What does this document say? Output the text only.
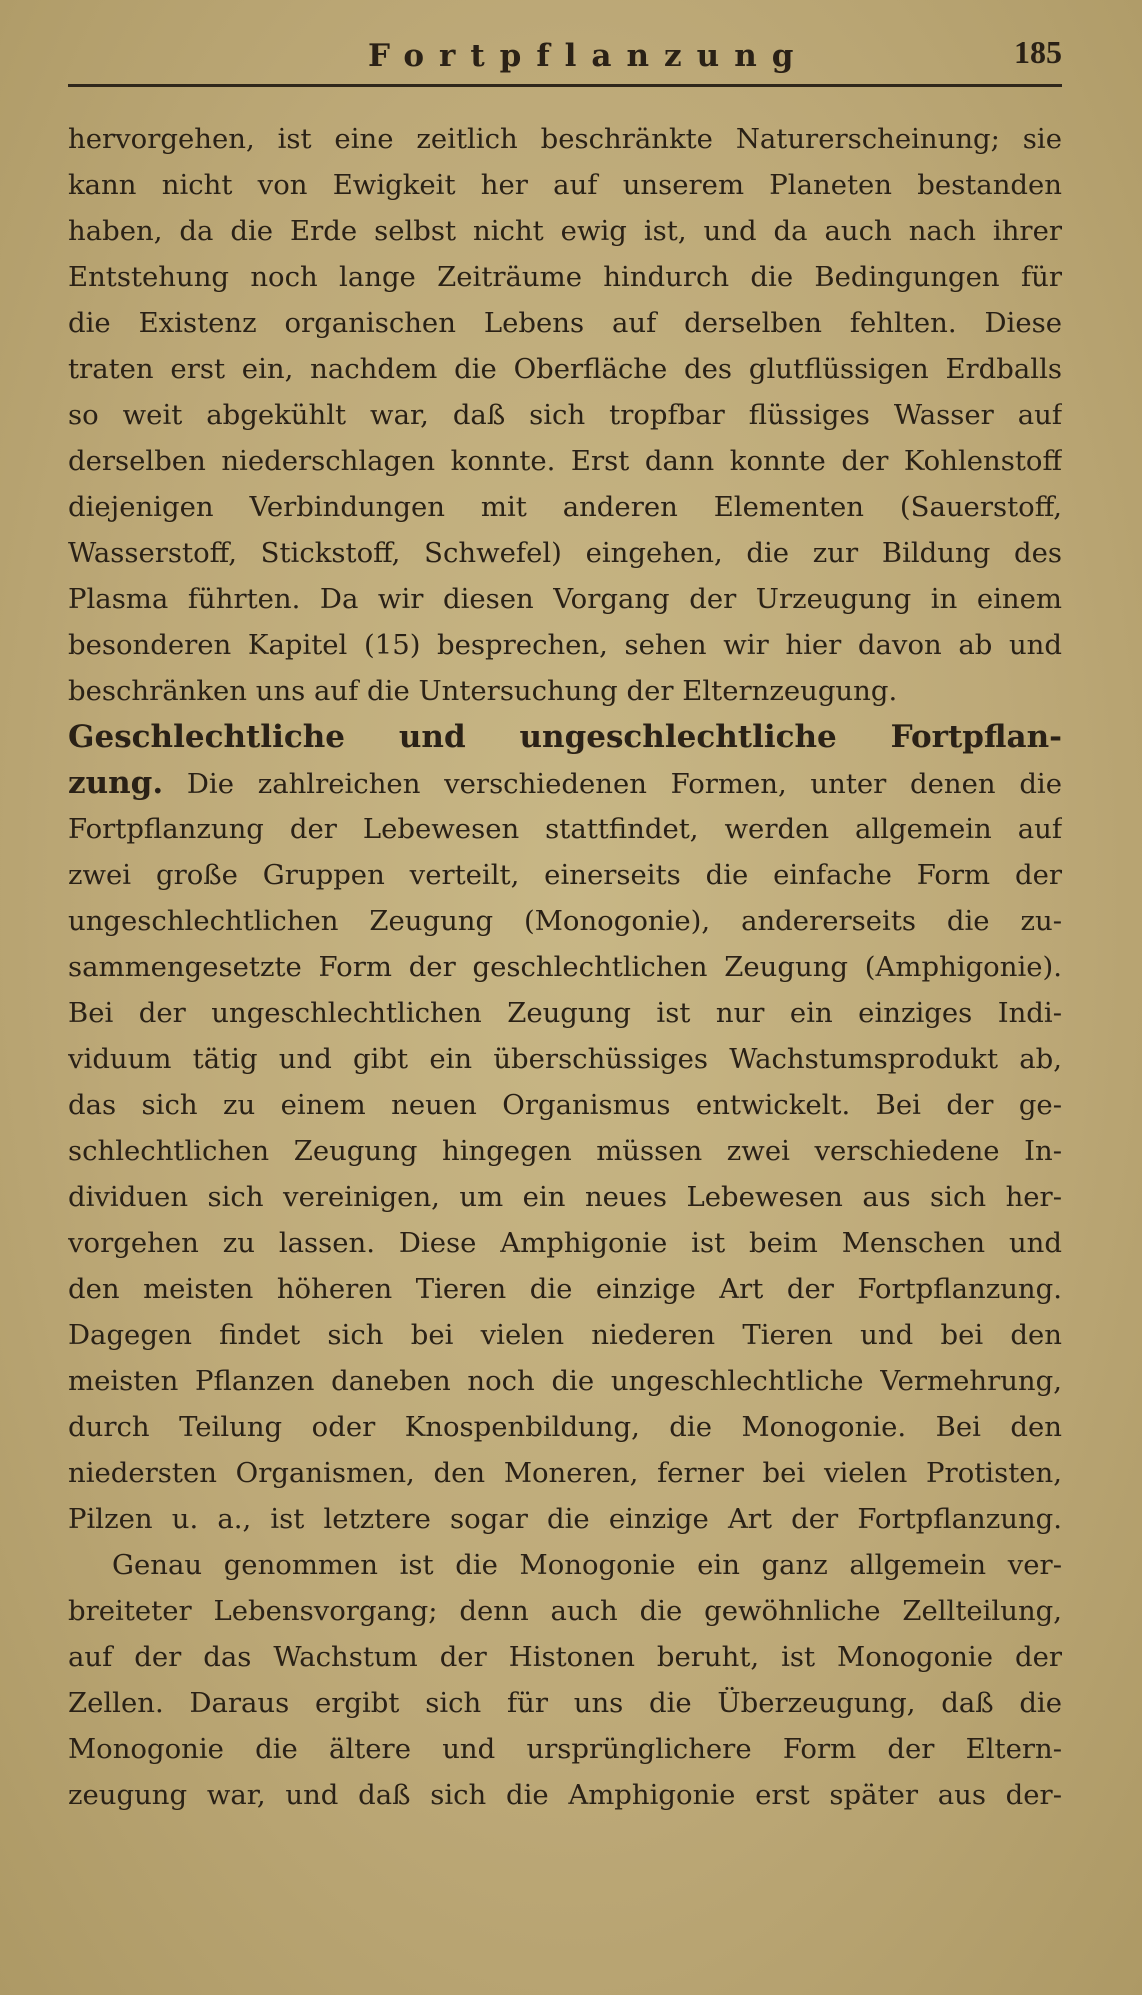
Fortpflanzung	185
hervorgehen, ist eine zeitlich beschränkte Naturerscheinung; sie
kann nicht von Ewigkeit her auf unserem Planeten bestanden
haben, da die Erde selbst nicht ewig ist, und da auch nach ihrer
Entstehung noch lange Zeiträume hindurch die Bedingungen für
die Existenz organischen Lebens auf derselben fehlten. Diese
traten erst ein, nachdem die Oberfläche des glutflüssigen Erdballs
so weit abgekühlt war, daß sich tropfbar flüssiges Wasser auf
derselben niederschlagen konnte. Erst dann konnte der Kohlenstoff
diejenigen Verbindungen mit anderen Elementen (Sauerstoff,
Wasserstoff, Stickstoff, Schwefel) eingehen, die zur Bildung des
Plasma führten. Da wir diesen Vorgang der Urzeugung in einem
besonderen Kapitel (15) besprechen, sehen wir hier davon ab und
beschränken uns auf die Untersuchung der Elternzeugung.
Geschlechtliche und ungeschlechtliche Fortpflan-
zung. Die zahlreichen verschiedenen Formen, unter denen die
Fortpflanzung der Lebewesen stattfindet, werden allgemein auf
zwei große Gruppen verteilt, einerseits die einfache Form der
ungeschlechtlichen Zeugung (Monogonie), andererseits die zu-
sammengesetzte Form der geschlechtlichen Zeugung (Amphigonie).
Bei der ungeschlechtlichen Zeugung ist nur ein einziges Indi-
viduum tätig und gibt ein überschüssiges Wachstumsprodukt ab,
das sich zu einem neuen Organismus entwickelt. Bei der ge-
schlechtlichen Zeugung hingegen müssen zwei verschiedene In-
dividuen sich vereinigen, um ein neues Lebewesen aus sich her-
vorgehen zu lassen. Diese Amphigonie ist beim Menschen und
den meisten höheren Tieren die einzige Art der Fortpflanzung.
Dagegen findet sich bei vielen niederen Tieren und bei den
meisten Pflanzen daneben noch die ungeschlechtliche Vermehrung,
durch Teilung oder Knospenbildung, die Monogonie. Bei den
niedersten Organismen, den Moneren, ferner bei vielen Protisten,
Pilzen u. a., ist letztere sogar die einzige Art der Fortpflanzung.
Genau genommen ist die Monogonie ein ganz allgemein ver-
breiteter Lebensvorgang; denn auch die gewöhnliche Zellteilung,
auf der das Wachstum der Histonen beruht, ist Monogonie der
Zellen. Daraus ergibt sich für uns die Überzeugung, daß die
Monogonie die ältere und ursprünglichere Form der Eltern-
zeugung war, und daß sich die Amphigonie erst später aus der-
